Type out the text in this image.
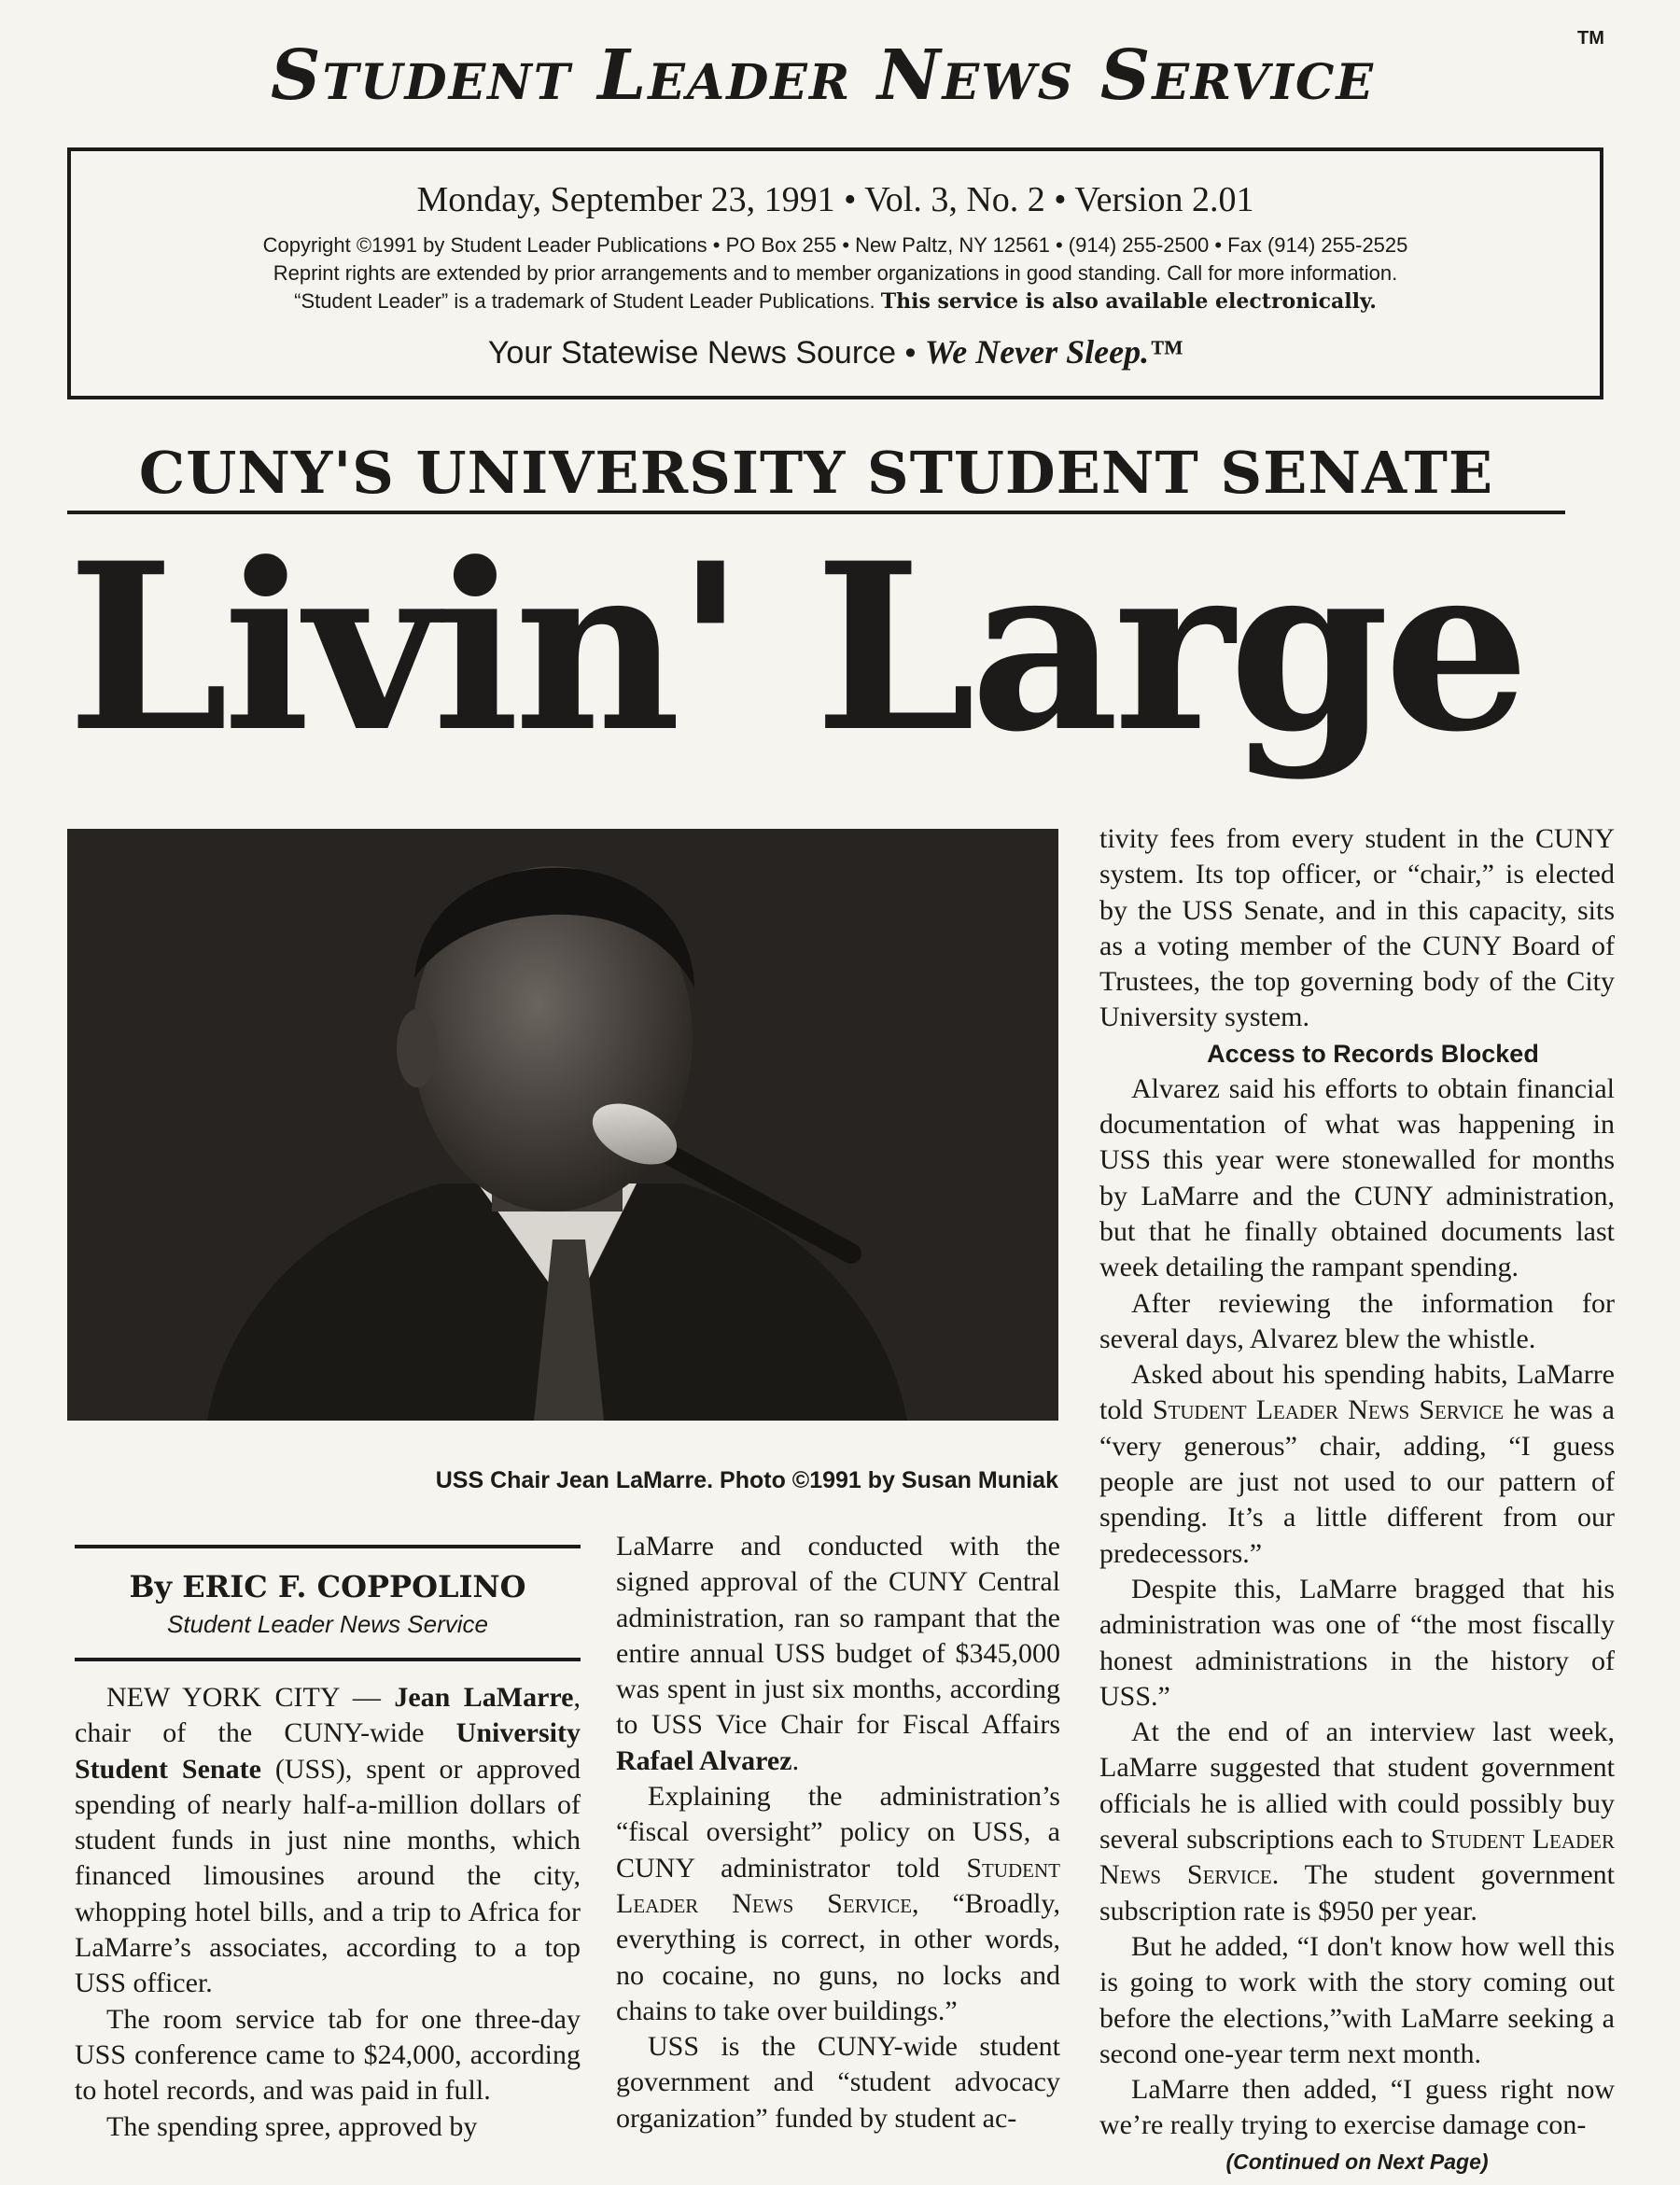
Student Leader News Service	TM
Monday, September 23, 1991 • Vol. 3, No. 2 • Version 2.01
Copyright ©1991 by Student Leader Publications • PO Box 255 • New Paltz, NY 12561 • (914) 255-2500 • Fax (914) 255-2525
Reprint rights are extended by prior arrangements and to member organizations in good standing. Call for more information.
“Student Leader” is a trademark of Student Leader Publications. This service is also available electronically.
Your Statewise News Source • We Never Sleep.™
CUNY'S UNIVERSITY STUDENT SENATE
Livin' Large
USS Chair Jean LaMarre. Photo ©1991 by Susan Muniak
By ERIC F. COPPOLINO
Student Leader News Service

NEW YORK CITY — Jean LaMarre, chair of the CUNY-wide University Student Senate (USS), spent or approved spending of nearly half-a-million dollars of student funds in just nine months, which financed limousines around the city, whopping hotel bills, and a trip to Africa for LaMarre’s associates, according to a top USS officer.

The room service tab for one three-day USS conference came to $24,000, according to hotel records, and was paid in full.

The spending spree, approved by

LaMarre and conducted with the signed approval of the CUNY Central administration, ran so rampant that the entire annual USS budget of $345,000 was spent in just six months, according to USS Vice Chair for Fiscal Affairs Rafael Alvarez.

Explaining the administration’s “fiscal oversight” policy on USS, a CUNY administrator told Student Leader News Service, “Broadly, everything is correct, in other words, no cocaine, no guns, no locks and chains to take over buildings.”

USS is the CUNY-wide student government and “student advocacy organization” funded by student ac-

tivity fees from every student in the CUNY system. Its top officer, or “chair,” is elected by the USS Senate, and in this capacity, sits as a voting member of the CUNY Board of Trustees, the top governing body of the City University system.

Access to Records Blocked

Alvarez said his efforts to obtain financial documentation of what was happening in USS this year were stonewalled for months by LaMarre and the CUNY administration, but that he finally obtained documents last week detailing the rampant spending.

After reviewing the information for several days, Alvarez blew the whistle.

Asked about his spending habits, LaMarre told Student Leader News Service he was a “very generous” chair, adding, “I guess people are just not used to our pattern of spending. It’s a little different from our predecessors.”

Despite this, LaMarre bragged that his administration was one of “the most fiscally honest administrations in the history of USS.”

At the end of an interview last week, LaMarre suggested that student government officials he is allied with could possibly buy several subscriptions each to Student Leader News Service. The student government subscription rate is $950 per year.

But he added, “I don't know how well this is going to work with the story coming out before the elections,”with LaMarre seeking a second one-year term next month.

LaMarre then added, “I guess right now we’re really trying to exercise damage con-

(Continued on Next Page)
